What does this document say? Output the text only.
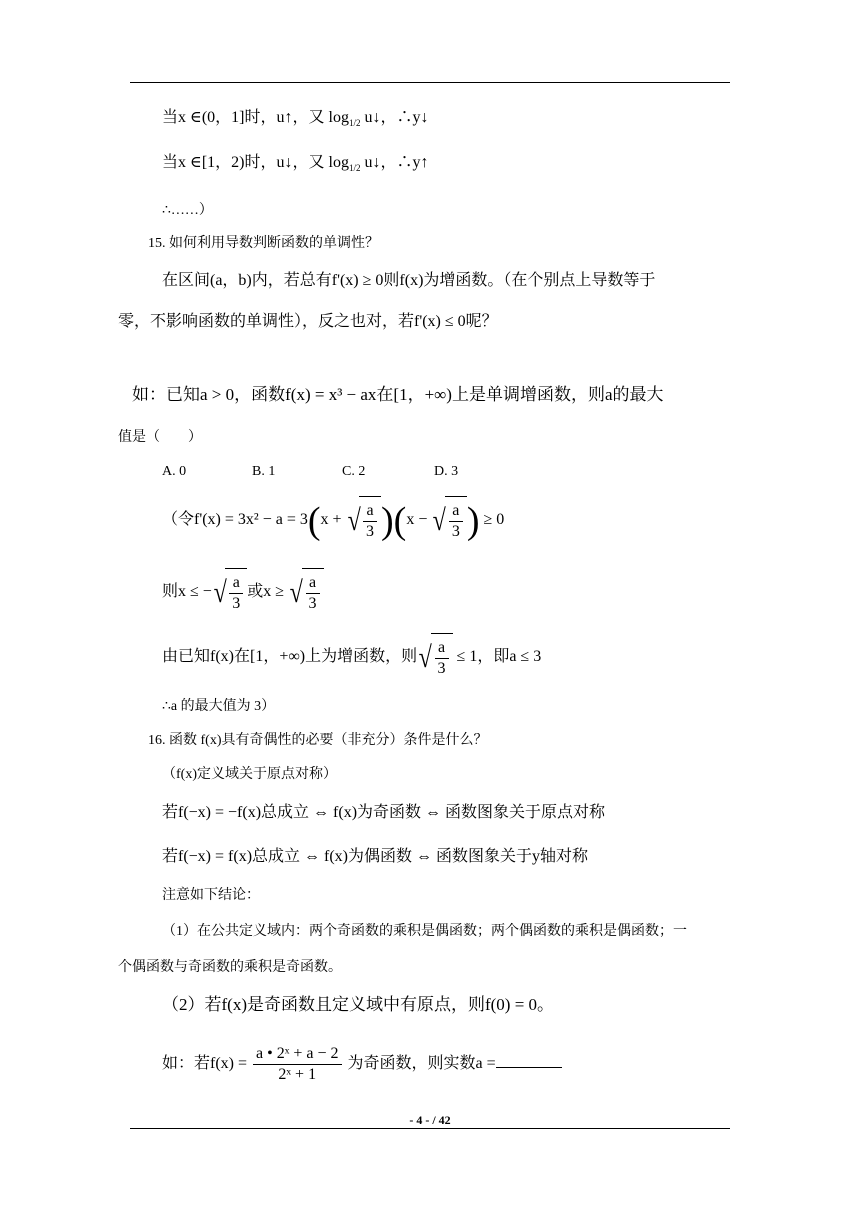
当x ∈(0，1]时，u↑，又 $\log_{1/2}$ u↓，∴y↓
当x ∈[1，2)时，u↓，又 $\log_{1/2}$ u↓，∴y↑
∴……）
15. 如何利用导数判断函数的单调性？
在区间(a，b)内，若总有f'(x) ≥ 0则f(x)为增函数。（在个别点上导数等于
零，不影响函数的单调性），反之也对，若f'(x) ≤ 0呢？
如：已知a > 0，函数f(x) = x³ − ax在[1，+∞)上是单调增函数，则a的最大
值是（　　）
A. 0	B. 1	C. 2	D. 3
（令f'(x) = 3x² − a = 3(x + √ $\frac{a}{3} )(x$ − √ $\frac{a}{3}$ ) ≥ 0
则x ≤ −√ $\frac{a}{3}$ 或x ≥ √ $\frac{a}{3}$
由已知f(x)在[1，+∞)上为增函数，则√ $\frac{a}{3} \le 1$，即a ≤ 3
∴a 的最大值为 3）
16. 函数 f(x)具有奇偶性的必要（非充分）条件是什么？
（f(x)定义域关于原点对称）
若f(−x) = −f(x)总成立 ⇔ f(x)为奇函数 ⇔ 函数图象关于原点对称
若f(−x) = f(x)总成立 ⇔ f(x)为偶函数 ⇔ 函数图象关于y轴对称
注意如下结论：
（1）在公共定义域内：两个奇函数的乘积是偶函数；两个偶函数的乘积是偶函数；一
个偶函数与奇函数的乘积是奇函数。
（2）若f(x)是奇函数且定义域中有原点，则f(0) = 0。
如：若$f(x) = \frac{\text{a • 2ˣ + a − 2}}{\text{2ˣ + 1}}$ 为奇函数，则实数a =
- 4 - / 42
